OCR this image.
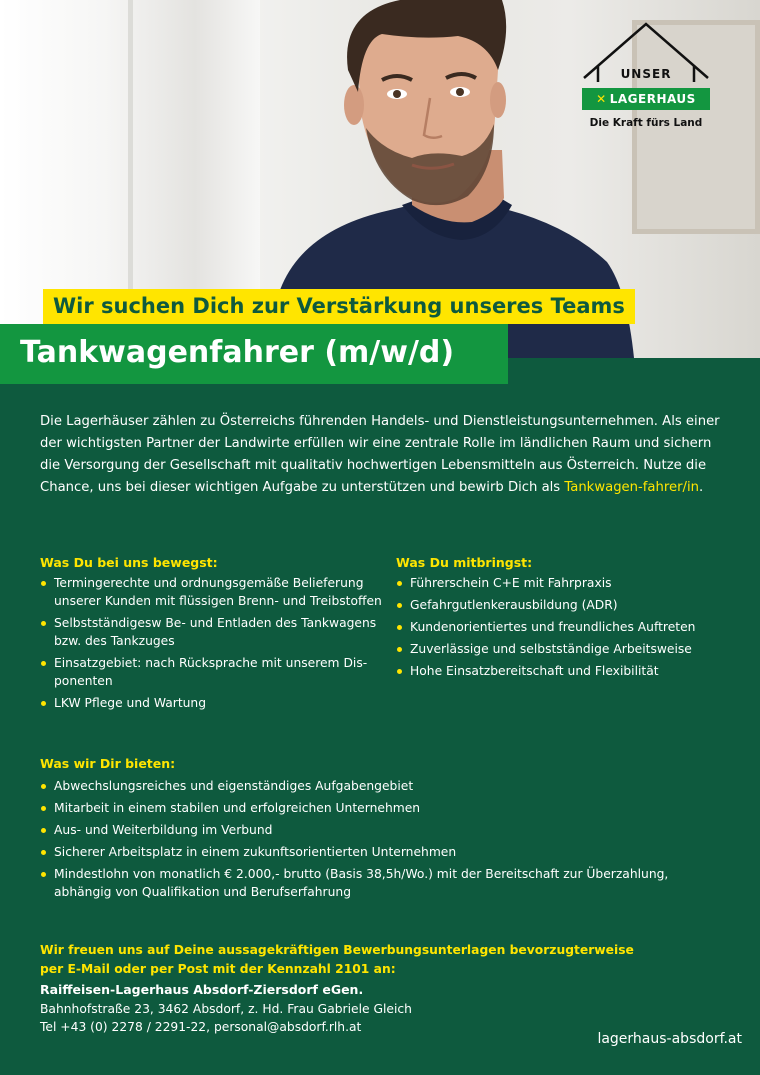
UNSER
✕ LAGERHAUS
Die Kraft fürs Land
Wir suchen Dich zur Verstärkung unseres Teams
Tankwagenfahrer (m/w/d)
Die Lagerhäuser zählen zu Österreichs führenden Handels- und Dienstleistungsunternehmen. Als einer der wichtigsten Partner der Landwirte erfüllen wir eine zentrale Rolle im ländlichen Raum und sichern die Versorgung der Gesellschaft mit qualitativ hochwertigen Lebensmitteln aus Österreich. Nutze die Chance, uns bei dieser wichtigen Aufgabe zu unterstützen und bewirb Dich als Tankwagen-fahrer/in.
Was Du bei uns bewegst:
Termingerechte und ordnungsgemäße Belieferung unserer Kunden mit flüssigen Brenn- und Treibstoffen
Selbstständigesw Be- und Entladen des Tankwagens bzw. des Tankzuges
Einsatzgebiet: nach Rücksprache mit unserem Dis-ponenten
LKW Pflege und Wartung
Was Du mitbringst:
Führerschein C+E mit Fahrpraxis
Gefahrgutlenkerausbildung (ADR)
Kundenorientiertes und freundliches Auftreten
Zuverlässige und selbstständige Arbeitsweise
Hohe Einsatzbereitschaft und Flexibilität
Was wir Dir bieten:
Abwechslungsreiches und eigenständiges Aufgabengebiet
Mitarbeit in einem stabilen und erfolgreichen Unternehmen
Aus- und Weiterbildung im Verbund
Sicherer Arbeitsplatz in einem zukunftsorientierten Unternehmen
Mindestlohn von monatlich € 2.000,- brutto (Basis 38,5h/Wo.) mit der Bereitschaft zur Überzahlung, abhängig von Qualifikation und Berufserfahrung
Wir freuen uns auf Deine aussagekräftigen Bewerbungsunterlagen bevorzugterweise per E-Mail oder per Post mit der Kennzahl 2101 an:
Raiffeisen-Lagerhaus Absdorf-Ziersdorf eGen.
Bahnhofstraße 23, 3462 Absdorf, z. Hd. Frau Gabriele Gleich
Tel +43 (0) 2278 / 2291-22, personal@absdorf.rlh.at
lagerhaus-absdorf.at
